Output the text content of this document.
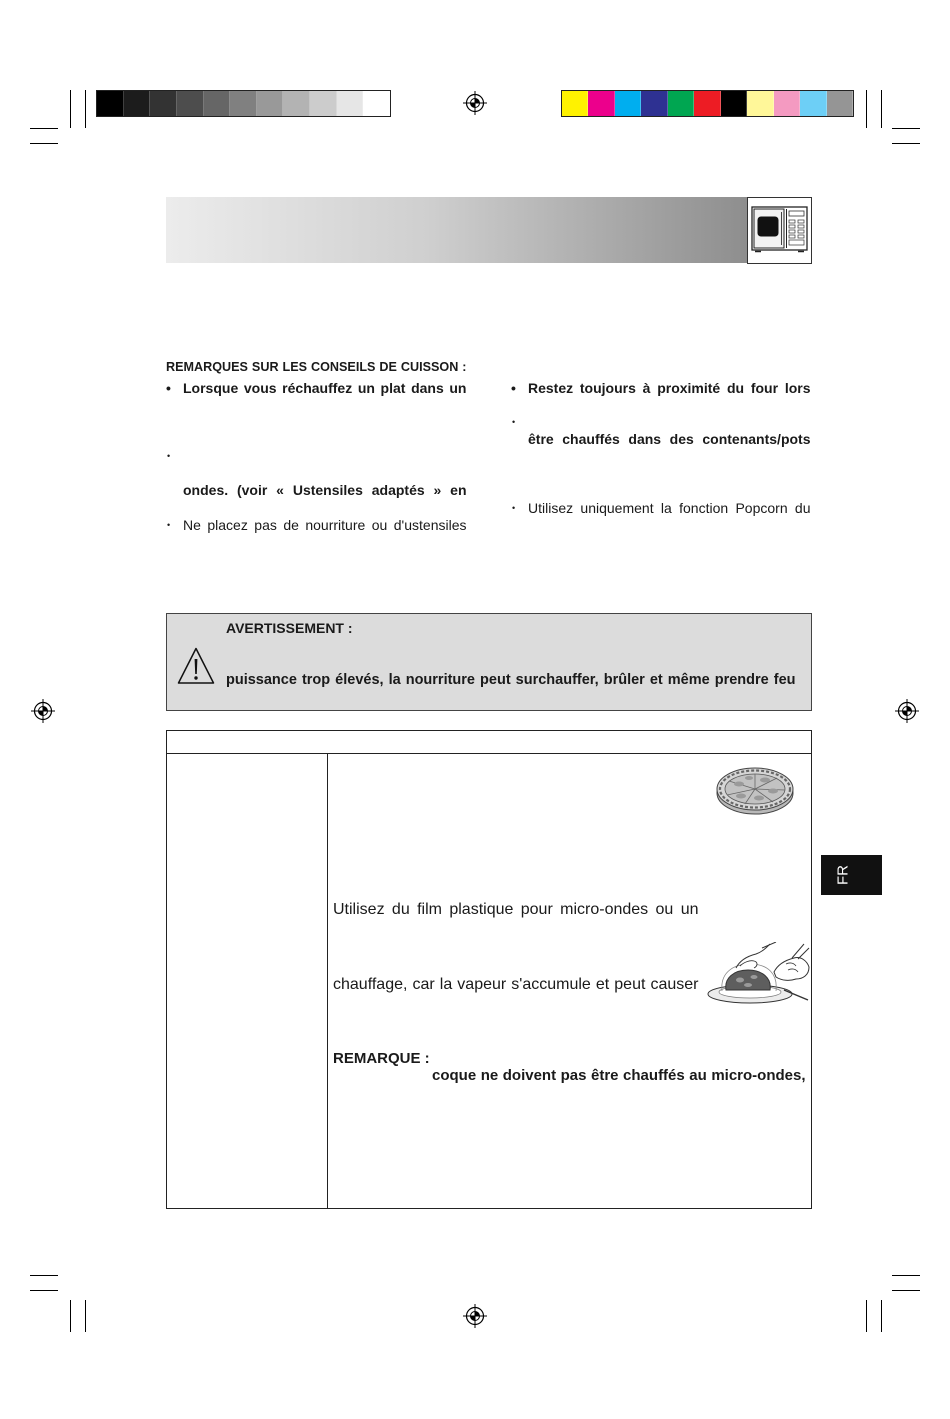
REMARQUES SUR LES CONSEILS DE CUISSON :
• Lorsque vous réchauffez un plat dans un
•
ondes. (voir « Ustensiles adaptés » en
• Ne placez pas de nourriture ou d'ustensiles
• Restez toujours à proximité du four lors
•
être chauffés dans des contenants/pots
• Utilisez uniquement la fonction Popcorn du
AVERTISSEMENT :
puissance trop élevés, la nourriture peut surchauffer, brûler et même prendre feu
Utilisez du film plastique pour micro-ondes ou un
chauffage, car la vapeur s'accumule et peut causer
REMARQUE :
coque ne doivent pas être chauffés au micro-ondes,
FR
